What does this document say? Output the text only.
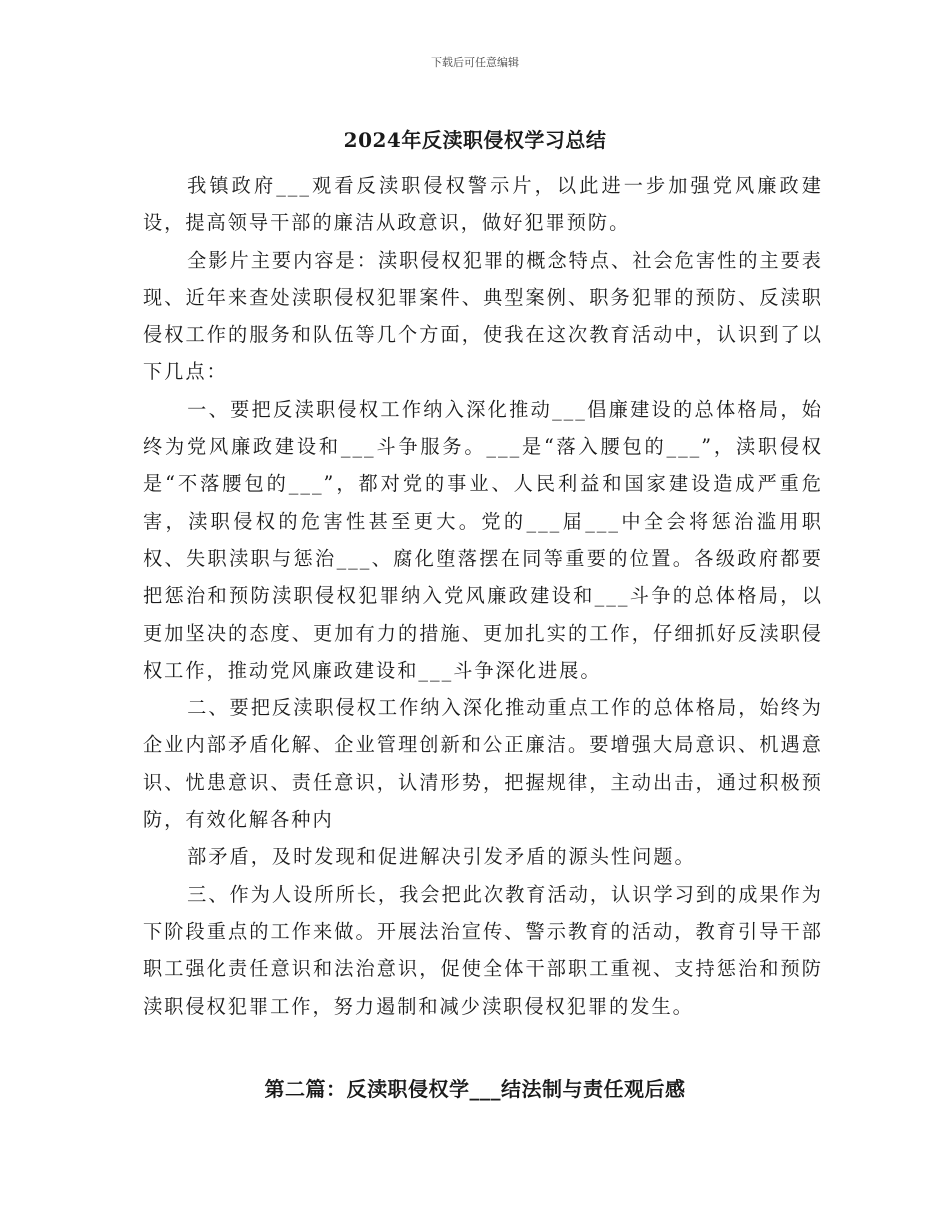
下载后可任意编辑
2024年反渎职侵权学习总结

我镇政府___观看反渎职侵权警示片，以此进一步加强党风廉政建设，提高领导干部的廉洁从政意识，做好犯罪预防。

全影片主要内容是：渎职侵权犯罪的概念特点、社会危害性的主要表现、近年来查处渎职侵权犯罪案件、典型案例、职务犯罪的预防、反渎职侵权工作的服务和队伍等几个方面，使我在这次教育活动中，认识到了以下几点：

一、要把反渎职侵权工作纳入深化推动___倡廉建设的总体格局，始终为党风廉政建设和___斗争服务。___是“落入腰包的___”，渎职侵权是“不落腰包的___”，都对党的事业、人民利益和国家建设造成严重危害，渎职侵权的危害性甚至更大。党的___届___中全会将惩治滥用职权、失职渎职与惩治___、腐化堕落摆在同等重要的位置。各级政府都要把惩治和预防渎职侵权犯罪纳入党风廉政建设和___斗争的总体格局，以更加坚决的态度、更加有力的措施、更加扎实的工作，仔细抓好反渎职侵权工作，推动党风廉政建设和___斗争深化进展。

二、要把反渎职侵权工作纳入深化推动重点工作的总体格局，始终为企业内部矛盾化解、企业管理创新和公正廉洁。要增强大局意识、机遇意识、忧患意识、责任意识，认清形势，把握规律，主动出击，通过积极预防，有效化解各种内

部矛盾，及时发现和促进解决引发矛盾的源头性问题。

三、作为人设所所长，我会把此次教育活动，认识学习到的成果作为下阶段重点的工作来做。开展法治宣传、警示教育的活动，教育引导干部职工强化责任意识和法治意识，促使全体干部职工重视、支持惩治和预防渎职侵权犯罪工作，努力遏制和减少渎职侵权犯罪的发生。

第二篇：反渎职侵权学___结法制与责任观后感
